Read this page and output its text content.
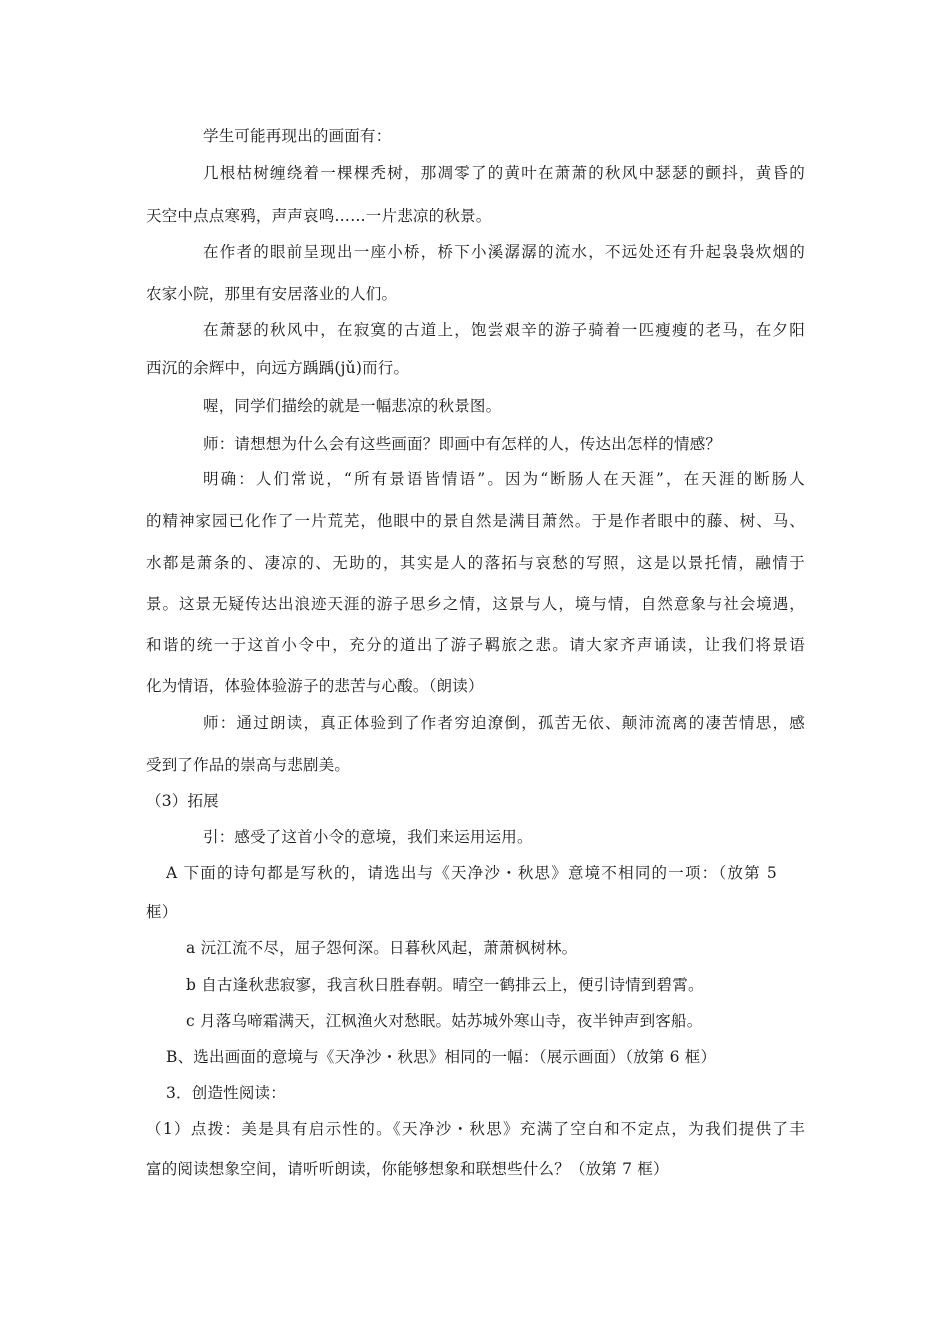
学生可能再现出的画面有：
几根枯树缠绕着一棵棵秃树，那凋零了的黄叶在萧萧的秋风中瑟瑟的颤抖，黄昏的
天空中点点寒鸦，声声哀鸣……一片悲凉的秋景。
在作者的眼前呈现出一座小桥，桥下小溪潺潺的流水，不远处还有升起袅袅炊烟的
农家小院，那里有安居落业的人们。
在萧瑟的秋风中，在寂寞的古道上，饱尝艰辛的游子骑着一匹瘦瘦的老马，在夕阳
西沉的余辉中，向远方踽踽(jǔ)而行。
喔，同学们描绘的就是一幅悲凉的秋景图。
师：请想想为什么会有这些画面？即画中有怎样的人，传达出怎样的情感？
明确：人们常说，“所有景语皆情语”。因为“断肠人在天涯”，在天涯的断肠人
的精神家园已化作了一片荒芜，他眼中的景自然是满目萧然。于是作者眼中的藤、树、马、
水都是萧条的、凄凉的、无助的，其实是人的落拓与哀愁的写照，这是以景托情，融情于
景。这景无疑传达出浪迹天涯的游子思乡之情，这景与人，境与情，自然意象与社会境遇，
和谐的统一于这首小令中，充分的道出了游子羁旅之悲。请大家齐声诵读，让我们将景语
化为情语，体验体验游子的悲苦与心酸。（朗读）
师：通过朗读，真正体验到了作者穷迫潦倒，孤苦无依、颠沛流离的凄苦情思，感
受到了作品的崇高与悲剧美。
（3）拓展
引：感受了这首小令的意境，我们来运用运用。
A 下面的诗句都是写秋的，请选出与《天净沙・秋思》意境不相同的一项：（放第 5
框）
a 沅江流不尽，屈子怨何深。日暮秋风起，萧萧枫树林。
b 自古逢秋悲寂寥，我言秋日胜春朝。晴空一鹤排云上，便引诗情到碧霄。
c 月落乌啼霜满天，江枫渔火对愁眠。姑苏城外寒山寺，夜半钟声到客船。
B、选出画面的意境与《天净沙・秋思》相同的一幅：（展示画面）（放第 6 框）
3．创造性阅读：
（1）点拨：美是具有启示性的。《天净沙・秋思》充满了空白和不定点，为我们提供了丰
富的阅读想象空间，请听听朗读，你能够想象和联想些什么？（放第 7 框）
